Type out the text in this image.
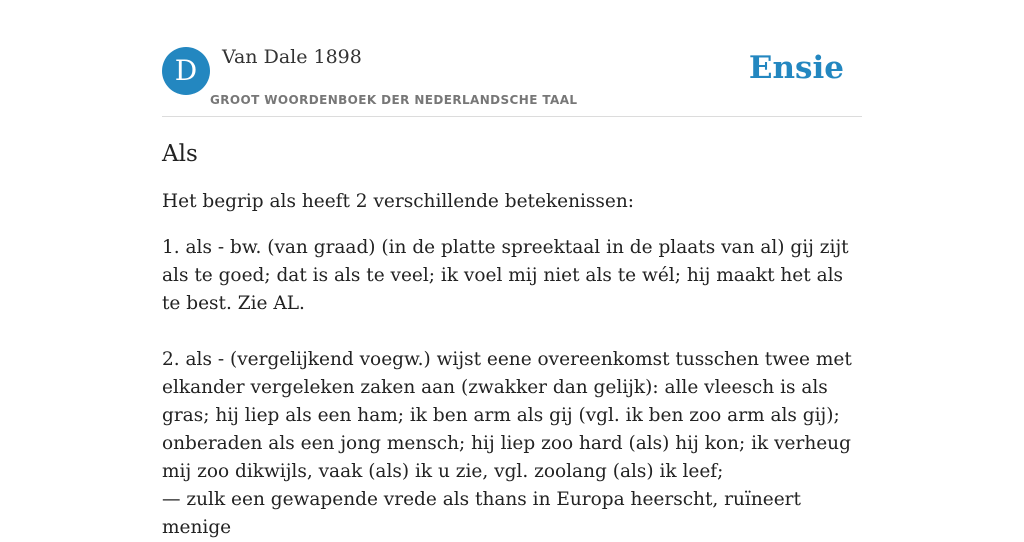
D	Van Dale 1898
GROOT WOORDENBOEK DER NEDERLANDSCHE TAAL
Ensie
Als

Het begrip als heeft 2 verschillende betekenissen:

1. als - bw. (van graad) (in de platte spreektaal in de plaats van al) gij zijt als te goed; dat is als te veel; ik voel mij niet als te wél; hij maakt het als te best. Zie AL.

2. als - (vergelijkend voegw.) wijst eene overeenkomst tusschen twee met elkander vergeleken zaken aan (zwakker dan gelijk): alle vleesch is als gras; hij liep als een ham; ik ben arm als gij (vgl. ik ben zoo arm als gij); onberaden als een jong mensch; hij liep zoo hard (als) hij kon; ik verheug mij zoo dikwijls, vaak (als) ik u zie, vgl. zoolang (als) ik leef;
— zulk een gewapende vrede als thans in Europa heerscht, ruïneert menige
